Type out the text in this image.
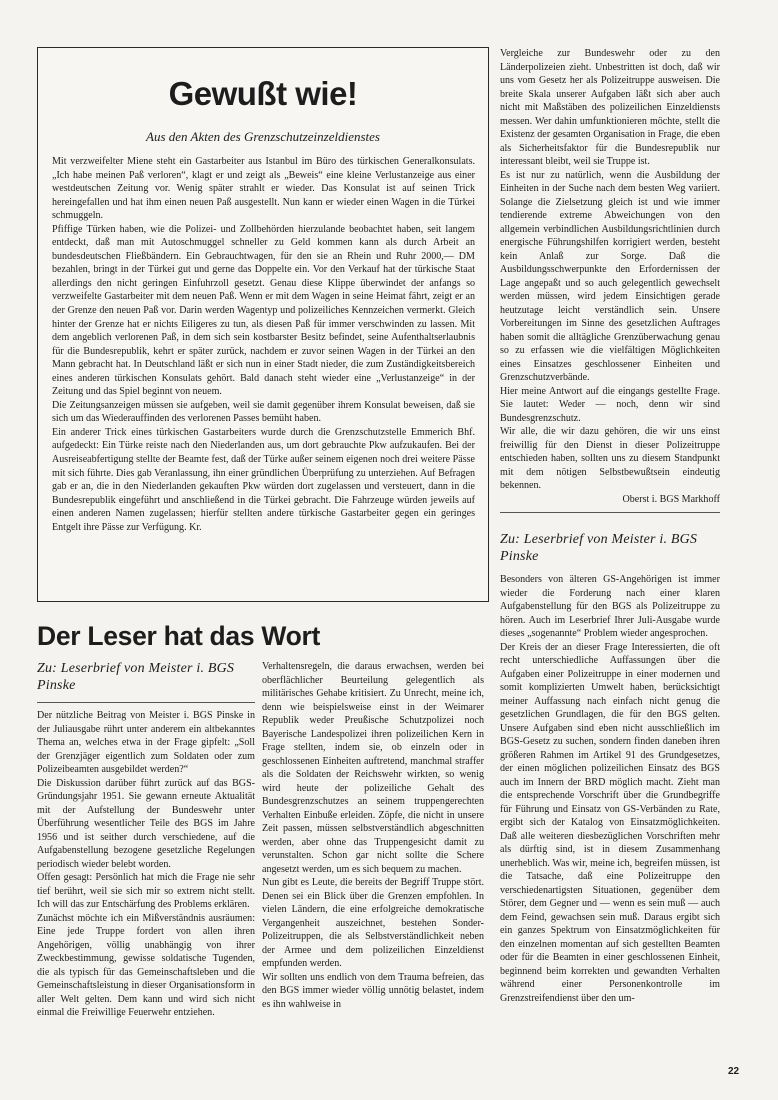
Gewußt wie!
Aus den Akten des Grenzschutzeinzeldienstes

Mit verzweifelter Miene steht ein Gastarbeiter aus Istanbul im Büro des türkischen Generalkonsulats. „Ich habe meinen Paß verloren“, klagt er und zeigt als „Beweis“ eine kleine Verlustanzeige aus einer westdeutschen Zeitung vor. Wenig später strahlt er wieder. Das Konsulat ist auf seinen Trick hereingefallen und hat ihm einen neuen Paß ausgestellt. Nun kann er wieder einen Wagen in die Türkei schmuggeln.

Pfiffige Türken haben, wie die Polizei- und Zollbehörden hierzulande beobachtet haben, seit langem entdeckt, daß man mit Autoschmuggel schneller zu Geld kommen kann als durch Arbeit an bundesdeutschen Fließbändern. Ein Gebrauchtwagen, für den sie an Rhein und Ruhr 2000,— DM bezahlen, bringt in der Türkei gut und gerne das Doppelte ein. Vor den Verkauf hat der türkische Staat allerdings den nicht geringen Einfuhrzoll gesetzt. Genau diese Klippe überwindet der anfangs so verzweifelte Gastarbeiter mit dem neuen Paß. Wenn er mit dem Wagen in seine Heimat fährt, zeigt er an der Grenze den neuen Paß vor. Darin werden Wagentyp und polizeiliches Kennzeichen vermerkt. Gleich hinter der Grenze hat er nichts Eiligeres zu tun, als diesen Paß für immer verschwinden zu lassen. Mit dem angeblich verlorenen Paß, in dem sich sein kostbarster Besitz befindet, seine Aufenthaltserlaubnis für die Bundesrepublik, kehrt er später zurück, nachdem er zuvor seinen Wagen in der Türkei an den Mann gebracht hat. In Deutschland läßt er sich nun in einer Stadt nieder, die zum Zuständigkeitsbereich eines anderen türkischen Konsulats gehört. Bald danach steht wieder eine „Verlustanzeige“ in der Zeitung und das Spiel beginnt von neuem.

Die Zeitungsanzeigen müssen sie aufgeben, weil sie damit gegenüber ihrem Konsulat beweisen, daß sie sich um das Wiederauffinden des verlorenen Passes bemüht haben.

Ein anderer Trick eines türkischen Gastarbeiters wurde durch die Grenzschutzstelle Emmerich Bhf. aufgedeckt: Ein Türke reiste nach den Niederlanden aus, um dort gebrauchte Pkw aufzukaufen. Bei der Ausreiseabfertigung stellte der Beamte fest, daß der Türke außer seinem eigenen noch drei weitere Pässe mit sich führte. Dies gab Veranlassung, ihn einer gründlichen Überprüfung zu unterziehen. Auf Befragen gab er an, die in den Niederlanden gekauften Pkw würden dort zugelassen und versteuert, dann in die Bundesrepublik eingeführt und anschließend in die Türkei gebracht. Die Fahrzeuge würden jeweils auf einen anderen Namen zugelassen; hierfür stellten andere türkische Gastarbeiter gegen ein geringes Entgelt ihre Pässe zur Verfügung. Kr.

Der Leser hat das Wort

Zu: Leserbrief von Meister i. BGS Pinske

Der nützliche Beitrag von Meister i. BGS Pinske in der Juliausgabe rührt unter anderem ein altbekanntes Thema an, welches etwa in der Frage gipfelt: „Soll der Grenzjäger eigentlich zum Soldaten oder zum Polizeibeamten ausgebildet werden?“

Die Diskussion darüber führt zurück auf das BGS-Gründungsjahr 1951. Sie gewann erneute Aktualität mit der Aufstellung der Bundeswehr unter Überführung wesentlicher Teile des BGS im Jahre 1956 und ist seither durch verschiedene, auf die Aufgabenstellung bezogene gesetzliche Regelungen periodisch wieder belebt worden.

Offen gesagt: Persönlich hat mich die Frage nie sehr tief berührt, weil sie sich mir so extrem nicht stellt. Ich will das zur Entschärfung des Problems erklären.

Zunächst möchte ich ein Mißverständnis ausräumen: Eine jede Truppe fordert von allen ihren Angehörigen, völlig unabhängig von ihrer Zweckbestimmung, gewisse soldatische Tugenden, die als typisch für das Gemeinschaftsleben und die Gemeinschaftsleistung in dieser Organisationsform in aller Welt gelten. Dem kann und wird sich nicht einmal die Freiwillige Feuerwehr entziehen.

Verhaltensregeln, die daraus erwachsen, werden bei oberflächlicher Beurteilung gelegentlich als militärisches Gehabe kritisiert. Zu Unrecht, meine ich, denn wie beispielsweise einst in der Weimarer Republik weder Preußische Schutzpolizei noch Bayerische Landespolizei ihren polizeilichen Kern in Frage stellten, indem sie, ob einzeln oder in geschlossenen Einheiten auftretend, manchmal straffer als die Soldaten der Reichswehr wirkten, so wenig wird heute der polizeiliche Gehalt des Bundesgrenzschutzes an seinem truppengerechten Verhalten Einbuße erleiden. Zöpfe, die nicht in unsere Zeit passen, müssen selbstverständlich abgeschnitten werden, aber ohne das Truppengesicht damit zu verunstalten. Schon gar nicht sollte die Schere angesetzt werden, um es sich bequem zu machen.

Nun gibt es Leute, die bereits der Begriff Truppe stört. Denen sei ein Blick über die Grenzen empfohlen. In vielen Ländern, die eine erfolgreiche demokratische Vergangenheit auszeichnet, bestehen Sonder-Polizeitruppen, die als Selbstverständlichkeit neben der Armee und dem polizeilichen Einzeldienst empfunden werden.

Wir sollten uns endlich von dem Trauma befreien, das den BGS immer wieder völlig unnötig belastet, indem es ihn wahlweise in

Vergleiche zur Bundeswehr oder zu den Länderpolizeien zieht. Unbestritten ist doch, daß wir uns vom Gesetz her als Polizeitruppe ausweisen. Die breite Skala unserer Aufgaben läßt sich aber auch nicht mit Maßstäben des polizeilichen Einzeldiensts messen. Wer dahin umfunktionieren möchte, stellt die Existenz der gesamten Organisation in Frage, die eben als Sicherheitsfaktor für die Bundesrepublik nur interessant bleibt, weil sie Truppe ist.

Es ist nur zu natürlich, wenn die Ausbildung der Einheiten in der Suche nach dem besten Weg variiert. Solange die Zielsetzung gleich ist und wie immer tendierende extreme Abweichungen von den allgemein verbindlichen Ausbildungsrichtlinien durch energische Führungshilfen korrigiert werden, besteht kein Anlaß zur Sorge. Daß die Ausbildungsschwerpunkte den Erfordernissen der Lage angepaßt und so auch gelegentlich gewechselt werden müssen, wird jedem Einsichtigen gerade heutzutage leicht verständlich sein. Unsere Vorbereitungen im Sinne des gesetzlichen Auftrages haben somit die alltägliche Grenzüberwachung genau so zu erfassen wie die vielfältigen Möglichkeiten eines Einsatzes geschlossener Einheiten und Grenzschutzverbände.

Hier meine Antwort auf die eingangs gestellte Frage. Sie lautet: Weder — noch, denn wir sind Bundesgrenzschutz.

Wir alle, die wir dazu gehören, die wir uns einst freiwillig für den Dienst in dieser Polizeitruppe entschieden haben, sollten uns zu diesem Standpunkt mit dem nötigen Selbstbewußtsein eindeutig bekennen.

Oberst i. BGS Markhoff

Zu: Leserbrief von Meister i. BGS Pinske

Besonders von älteren GS-Angehörigen ist immer wieder die Forderung nach einer klaren Aufgabenstellung für den BGS als Polizeitruppe zu hören. Auch im Leserbrief Ihrer Juli-Ausgabe wurde dieses „sogenannte“ Problem wieder angesprochen.

Der Kreis der an dieser Frage Interessierten, die oft recht unterschiedliche Auffassungen über die Aufgaben einer Polizeitruppe in einer modernen und somit komplizierten Umwelt haben, berücksichtigt meiner Auffassung nach einfach nicht genug die gesetzlichen Grundlagen, die für den BGS gelten. Unsere Aufgaben sind eben nicht ausschließlich im BGS-Gesetz zu suchen, sondern finden daneben ihren größeren Rahmen im Artikel 91 des Grundgesetzes, der einen möglichen polizeilichen Einsatz des BGS auch im Innern der BRD möglich macht. Zieht man die entsprechende Vorschrift über die Grundbegriffe für Führung und Einsatz von GS-Verbänden zu Rate, ergibt sich der Katalog von Einsatzmöglichkeiten. Daß alle weiteren diesbezüglichen Vorschriften mehr als dürftig sind, ist in diesem Zusammenhang unerheblich. Was wir, meine ich, begreifen müssen, ist die Tatsache, daß eine Polizeitruppe den verschiedenartigsten Situationen, gegenüber dem Störer, dem Gegner und — wenn es sein muß — auch dem Feind, gewachsen sein muß. Daraus ergibt sich ein ganzes Spektrum von Einsatzmöglichkeiten für den einzelnen momentan auf sich gestellten Beamten oder für die Beamten in einer geschlossenen Einheit, beginnend beim korrekten und gewandten Verhalten während einer Personenkontrolle im Grenzstreifendienst über den um-

22
